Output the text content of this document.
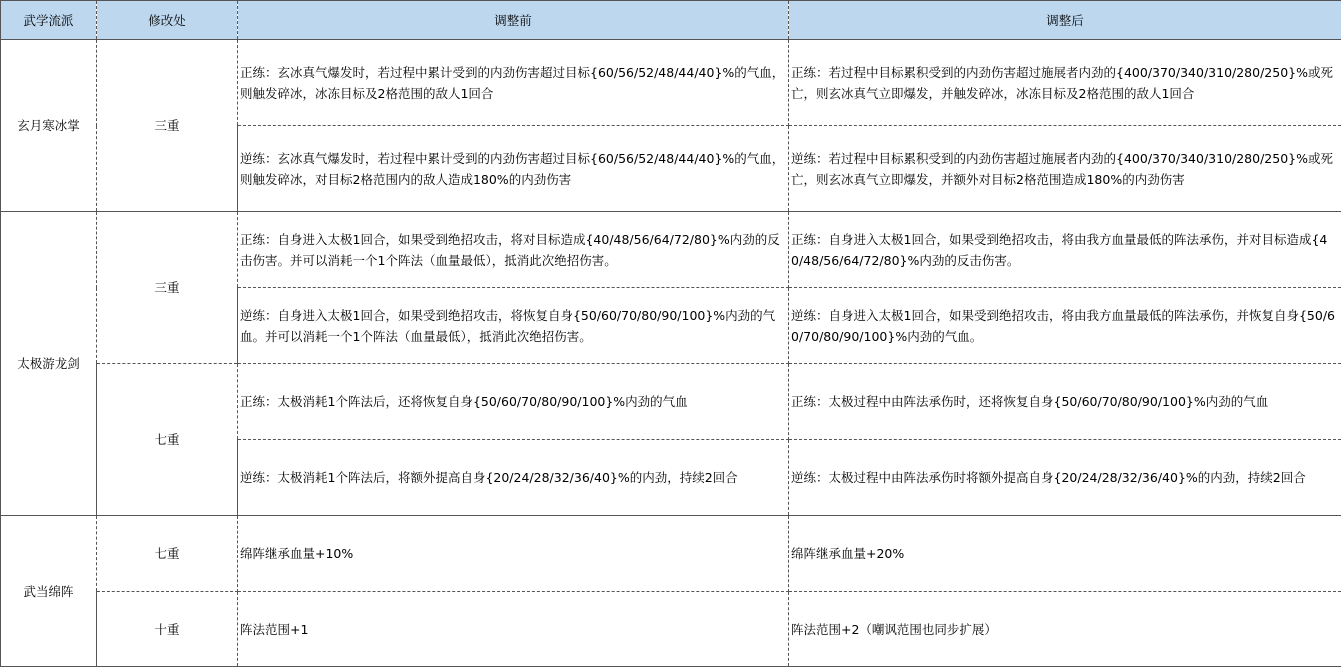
武学流派	修改处	调整前	调整后
玄月寒冰掌	三重	正练：玄冰真气爆发时，若过程中累计受到的内劲伤害超过目标{60/56/52/48/44/40}%的气血，则触发碎冰，冰冻目标及2格范围的敌人1回合	正练：若过程中目标累积受到的内劲伤害超过施展者内劲的{400/370/340/310/280/250}%或死亡，则玄冰真气立即爆发，并触发碎冰，冰冻目标及2格范围的敌人1回合
		逆练：玄冰真气爆发时，若过程中累计受到的内劲伤害超过目标{60/56/52/48/44/40}%的气血，则触发碎冰，对目标2格范围内的敌人造成180%的内劲伤害	逆练：若过程中目标累积受到的内劲伤害超过施展者内劲的{400/370/340/310/280/250}%或死亡，则玄冰真气立即爆发，并额外对目标2格范围造成180%的内劲伤害
太极游龙剑	三重	正练：自身进入太极1回合，如果受到绝招攻击，将对目标造成{40/48/56/64/72/80}%内劲的反击伤害。并可以消耗一个1个阵法（血量最低），抵消此次绝招伤害。	正练：自身进入太极1回合，如果受到绝招攻击，将由我方血量最低的阵法承伤，并对目标造成{40/48/56/64/72/80}%内劲的反击伤害。
		逆练：自身进入太极1回合，如果受到绝招攻击，将恢复自身{50/60/70/80/90/100}%内劲的气血。并可以消耗一个1个阵法（血量最低），抵消此次绝招伤害。	逆练：自身进入太极1回合，如果受到绝招攻击，将由我方血量最低的阵法承伤，并恢复自身{50/60/70/80/90/100}%内劲的气血。
	七重	正练：太极消耗1个阵法后，还将恢复自身{50/60/70/80/90/100}%内劲的气血	正练：太极过程中由阵法承伤时，还将恢复自身{50/60/70/80/90/100}%内劲的气血
		逆练：太极消耗1个阵法后，将额外提高自身{20/24/28/32/36/40}%的内劲，持续2回合	逆练：太极过程中由阵法承伤时将额外提高自身{20/24/28/32/36/40}%的内劲，持续2回合
武当绵阵	七重	绵阵继承血量+10%	绵阵继承血量+20%
	十重	阵法范围+1	阵法范围+2（嘲讽范围也同步扩展）
